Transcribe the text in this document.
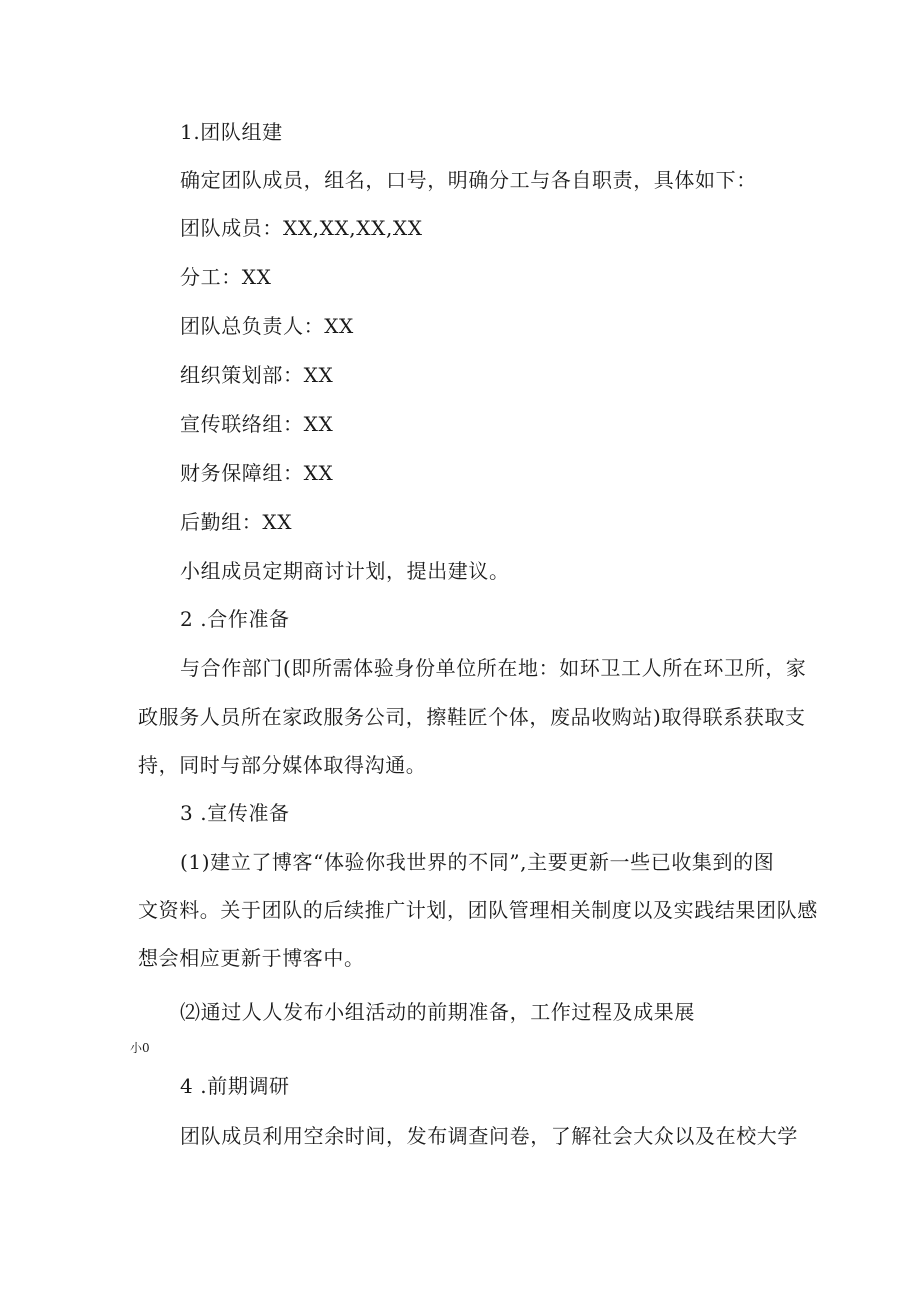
1.团队组建
确定团队成员，组名，口号，明确分工与各自职责，具体如下：
团队成员：XX,XX,XX,XX
分工：XX
团队总负责人：XX
组织策划部：XX
宣传联络组：XX
财务保障组：XX
后勤组：XX
小组成员定期商讨计划，提出建议。
2 .合作准备
与合作部门(即所需体验身份单位所在地：如环卫工人所在环卫所，家
政服务人员所在家政服务公司，擦鞋匠个体，废品收购站)取得联系获取支
持，同时与部分媒体取得沟通。
3 .宣传准备
(1)建立了博客“体验你我世界的不同”,主要更新一些已收集到的图
文资料。关于团队的后续推广计划，团队管理相关制度以及实践结果团队感
想会相应更新于博客中。
⑵通过人人发布小组活动的前期准备，工作过程及成果展
小0
4 .前期调研
团队成员利用空余时间，发布调查问卷，了解社会大众以及在校大学
